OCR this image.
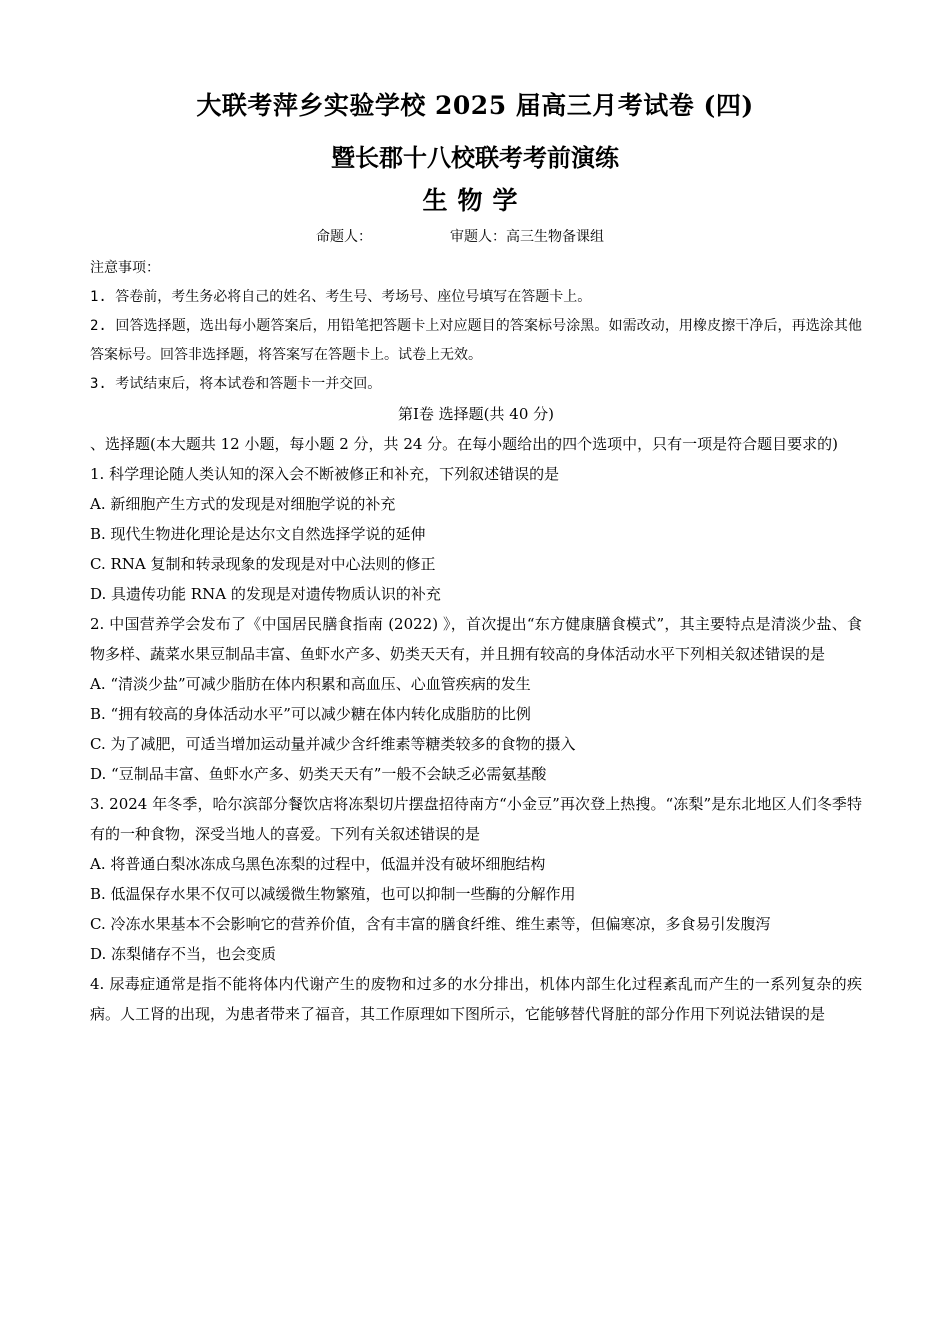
大联考萍乡实验学校 2025 届高三月考试卷 (四)
暨长郡十八校联考考前演练
生物学
命题人：	审题人：高三生物备课组

注意事项：

1. 答卷前，考生务必将自己的姓名、考生号、考场号、座位号填写在答题卡上。

2. 回答选择题，选出每小题答案后，用铅笔把答题卡上对应题目的答案标号涂黑。如需改动，用橡皮擦干净后，再选涂其他答案标号。回答非选择题，将答案写在答题卡上。试卷上无效。

3. 考试结束后，将本试卷和答题卡一并交回。

第Ⅰ卷 选择题(共 40 分)

、选择题(本大题共 12 小题，每小题 2 分，共 24 分。在每小题给出的四个选项中，只有一项是符合题目要求的)

1. 科学理论随人类认知的深入会不断被修正和补充，下列叙述错误的是

A. 新细胞产生方式的发现是对细胞学说的补充

B. 现代生物进化理论是达尔文自然选择学说的延伸

C. RNA 复制和转录现象的发现是对中心法则的修正

D. 具遗传功能 RNA 的发现是对遗传物质认识的补充

2. 中国营养学会发布了《中国居民膳食指南 (2022) 》，首次提出“东方健康膳食模式”，其主要特点是清淡少盐、食物多样、蔬菜水果豆制品丰富、鱼虾水产多、奶类天天有，并且拥有较高的身体活动水平下列相关叙述错误的是

A. “清淡少盐”可减少脂肪在体内积累和高血压、心血管疾病的发生

B. “拥有较高的身体活动水平”可以减少糖在体内转化成脂肪的比例

C. 为了减肥，可适当增加运动量并减少含纤维素等糖类较多的食物的摄入

D. “豆制品丰富、鱼虾水产多、奶类天天有”一般不会缺乏必需氨基酸

3. 2024 年冬季，哈尔滨部分餐饮店将冻梨切片摆盘招待南方“小金豆”再次登上热搜。“冻梨”是东北地区人们冬季特有的一种食物，深受当地人的喜爱。下列有关叙述错误的是

A. 将普通白梨冰冻成乌黑色冻梨的过程中，低温并没有破坏细胞结构

B. 低温保存水果不仅可以减缓微生物繁殖，也可以抑制一些酶的分解作用

C. 冷冻水果基本不会影响它的营养价值，含有丰富的膳食纤维、维生素等，但偏寒凉，多食易引发腹泻

D. 冻梨储存不当，也会变质

4. 尿毒症通常是指不能将体内代谢产生的废物和过多的水分排出，机体内部生化过程紊乱而产生的一系列复杂的疾病。人工肾的出现，为患者带来了福音，其工作原理如下图所示，它能够替代肾脏的部分作用下列说法错误的是
